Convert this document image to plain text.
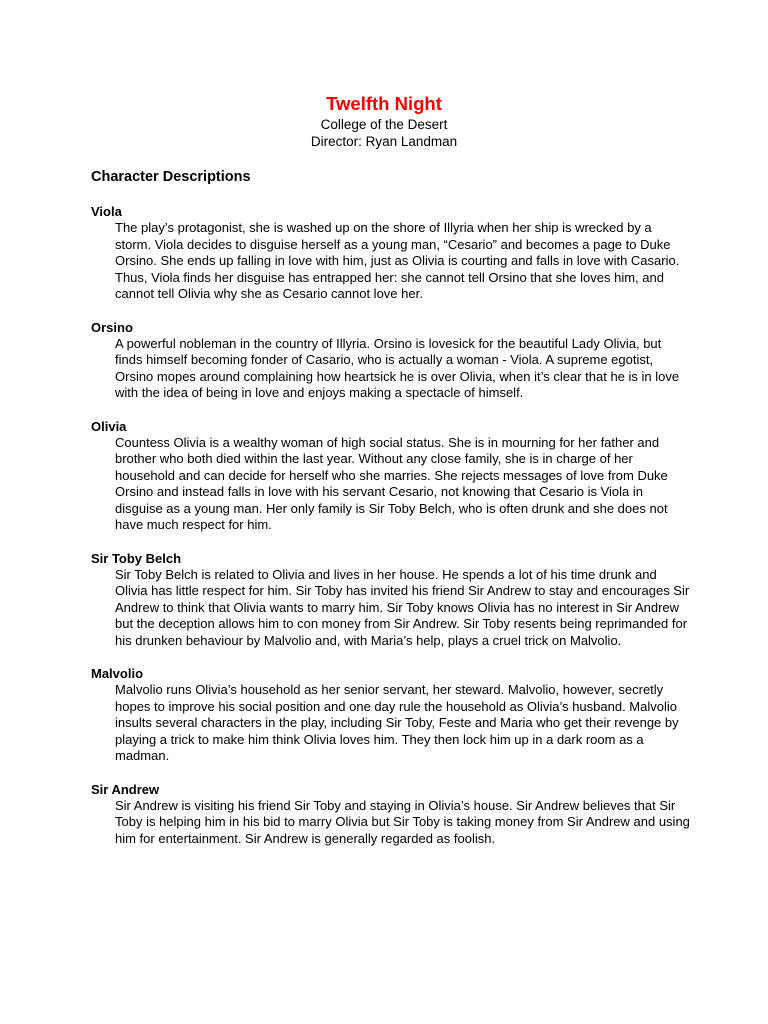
Twelfth Night

College of the Desert

Director: Ryan Landman

Character Descriptions

Viola

The play’s protagonist, she is washed up on the shore of Illyria when her ship is wrecked by a storm. Viola decides to disguise herself as a young man, “Cesario” and becomes a page to Duke Orsino. She ends up falling in love with him, just as Olivia is courting and falls in love with Casario. Thus, Viola finds her disguise has entrapped her: she cannot tell Orsino that she loves him, and cannot tell Olivia why she as Cesario cannot love her.

Orsino

A powerful nobleman in the country of Illyria. Orsino is lovesick for the beautiful Lady Olivia, but finds himself becoming fonder of Casario, who is actually a woman - Viola. A supreme egotist, Orsino mopes around complaining how heartsick he is over Olivia, when it’s clear that he is in love with the idea of being in love and enjoys making a spectacle of himself.

Olivia

Countess Olivia is a wealthy woman of high social status. She is in mourning for her father and brother who both died within the last year. Without any close family, she is in charge of her household and can decide for herself who she marries. She rejects messages of love from Duke Orsino and instead falls in love with his servant Cesario, not knowing that Cesario is Viola in disguise as a young man. Her only family is Sir Toby Belch, who is often drunk and she does not have much respect for him.

Sir Toby Belch

Sir Toby Belch is related to Olivia and lives in her house. He spends a lot of his time drunk and Olivia has little respect for him. Sir Toby has invited his friend Sir Andrew to stay and encourages Sir Andrew to think that Olivia wants to marry him. Sir Toby knows Olivia has no interest in Sir Andrew but the deception allows him to con money from Sir Andrew. Sir Toby resents being reprimanded for his drunken behaviour by Malvolio and, with Maria’s help, plays a cruel trick on Malvolio.

Malvolio

Malvolio runs Olivia’s household as her senior servant, her steward. Malvolio, however, secretly hopes to improve his social position and one day rule the household as Olivia’s husband. Malvolio insults several characters in the play, including Sir Toby, Feste and Maria who get their revenge by playing a trick to make him think Olivia loves him. They then lock him up in a dark room as a madman.

Sir Andrew

Sir Andrew is visiting his friend Sir Toby and staying in Olivia’s house. Sir Andrew believes that Sir Toby is helping him in his bid to marry Olivia but Sir Toby is taking money from Sir Andrew and using him for entertainment. Sir Andrew is generally regarded as foolish.
